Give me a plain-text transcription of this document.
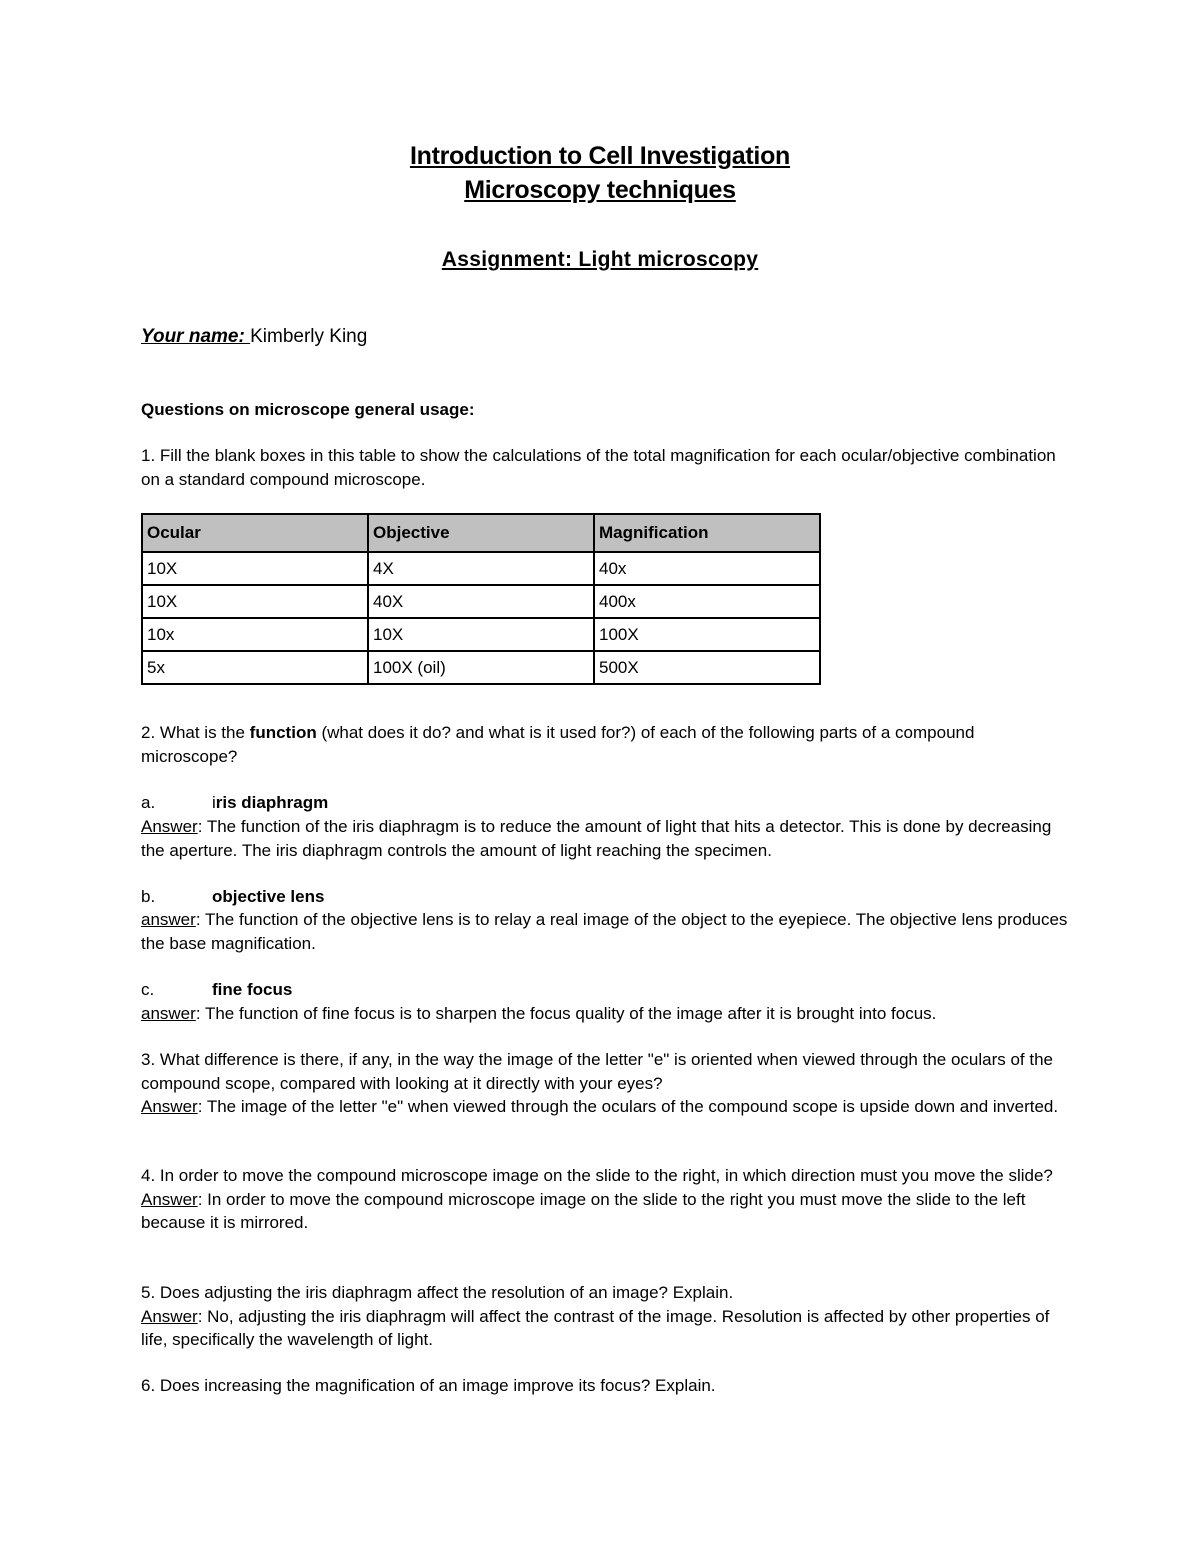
Introduction to Cell Investigation
Microscopy techniques
Assignment: Light microscopy
Your name: Kimberly King
Questions on microscope general usage:
1. Fill the blank boxes in this table to show the calculations of the total magnification for each ocular/objective combination on a standard compound microscope.
Ocular	Objective	Magnification
10X	4X	40x
10X	40X	400x
10x	10X	100X
5x	100X (oil)	500X
2. What is the function (what does it do? and what is it used for?) of each of the following parts of a compound microscope?
a.	iris diaphragm
Answer: The function of the iris diaphragm is to reduce the amount of light that hits a detector. This is done by decreasing the aperture. The iris diaphragm controls the amount of light reaching the specimen.
b.	objective lens
answer: The function of the objective lens is to relay a real image of the object to the eyepiece. The objective lens produces the base magnification.
c.	fine focus
answer: The function of fine focus is to sharpen the focus quality of the image after it is brought into focus.
3. What difference is there, if any, in the way the image of the letter "e" is oriented when viewed through the oculars of the compound scope, compared with looking at it directly with your eyes?
Answer: The image of the letter "e" when viewed through the oculars of the compound scope is upside down and inverted.
4. In order to move the compound microscope image on the slide to the right, in which direction must you move the slide?
Answer: In order to move the compound microscope image on the slide to the right you must move the slide to the left because it is mirrored.
5. Does adjusting the iris diaphragm affect the resolution of an image? Explain.
Answer: No, adjusting the iris diaphragm will affect the contrast of the image. Resolution is affected by other properties of life, specifically the wavelength of light.
6. Does increasing the magnification of an image improve its focus? Explain.
